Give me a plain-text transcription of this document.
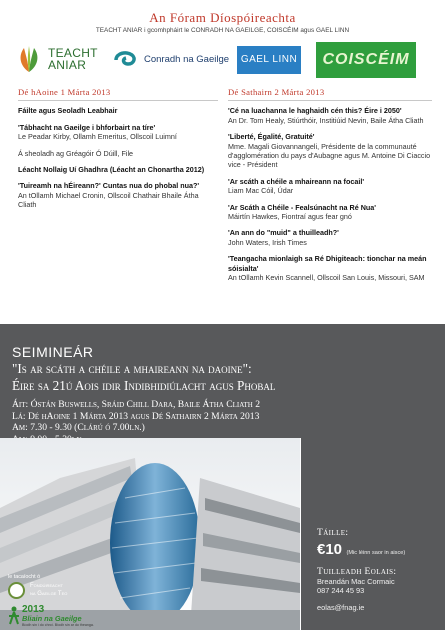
An Fóram Díospóireachta
TEACHT ANIAR i gcomhpháirt le CONRADH NA GAEILGE, COISCÉIM agus GAEL LINN
TEACHT
ANIAR	Conradh na Gaeilge	GAEL LINN	COISCÉIM
Dé hAoine 1 Márta 2013
Fáilte agus Seoladh Leabhair
'Tábhacht na Gaeilge i bhforbairt na tíre'
Le Peadar Kirby, Ollamh Emeritus, Ollscoil Luimní
Á sheoladh ag Gréagóir Ó Dúill, File
Léacht Nollaig Uí Ghadhra (Léacht an Chonartha 2012)
'Tuireamh na hÉireann?' Cuntas nua do phobal nua?'
An tOllamh Michael Cronin, Ollscoil Chathair Bhaile Átha Cliath
Dé Sathairn 2 Márta 2013
'Cé na luachanna le haghaidh cén this? Éire i 2050'
An Dr. Tom Healy, Stiúrthóir, Institiúid Nevin, Baile Átha Cliath
'Liberté, Égalité, Gratuité'
Mme. Magali Giovannangeli, Présidente de la communauté d'agglomération du pays d'Aubagne agus M. Antoine Di Ciaccio vice - Président
'Ar scáth a chéile a mhaireann na focail'
Liam Mac Cóil, Údar
'Ar Scáth a Chéile - Fealsúnacht na Ré Nua'
Máirtín Hawkes, Fiontraí agus fear gnó
'An ann do "muid" a thuilleadh?'
John Waters, Irish Times
'Teangacha mionlaigh sa Ré Dhigiteach: tionchar na meán sóisialta'
An tOllamh Kevin Scannell, Ollscoil San Louis, Missouri, SAM
SEIMINEÁR
"Is ar scáth a chéile a mhaireann na daoine":
Éire sa 21ú Aois idir Indibhidiúlacht agus Phobal
Áit: Óstán Buswells, Sráid Chill Dara, Baile Átha Cliath 2
Lá: Dé hAoine 1 Márta 2013 agus Dé Sathairn 2 Márta 2013
Am: 7.30 - 9.30 (Clárú ó 7.00i.n.)
Táille:
€10 (Mic léinn saor in aisce)
Tuilleadh Eolais:
Breandán Mac Cormaic
087 244 45 93
eolas@fnag.ie
le tacaíocht ó
Fondúireacht
na Gaeilge Teo
2013
Bliain na Gaeilge
Bíodh sin i do chroí. Bíodh sin ar do theanga.
